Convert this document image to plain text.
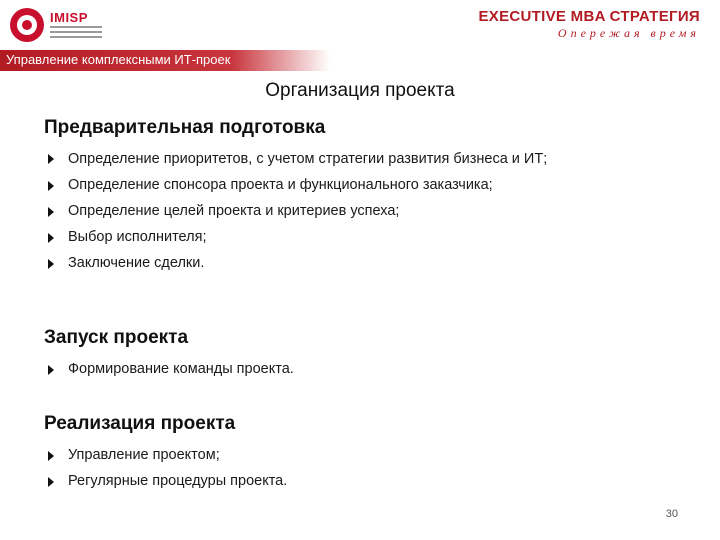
IMISP	EXECUTIVE MBA СТРАТЕГИЯ
Опережая время
Управление комплексными ИТ-проек
Организация проекта
Предварительная подготовка
Определение приоритетов, с учетом стратегии развития бизнеса и ИТ;
Определение спонсора проекта и функционального заказчика;
Определение целей проекта и критериев успеха;
Выбор исполнителя;
Заключение сделки.
Запуск проекта
Формирование команды проекта.
Реализация проекта
Управление проектом;
Регулярные процедуры проекта.
30
